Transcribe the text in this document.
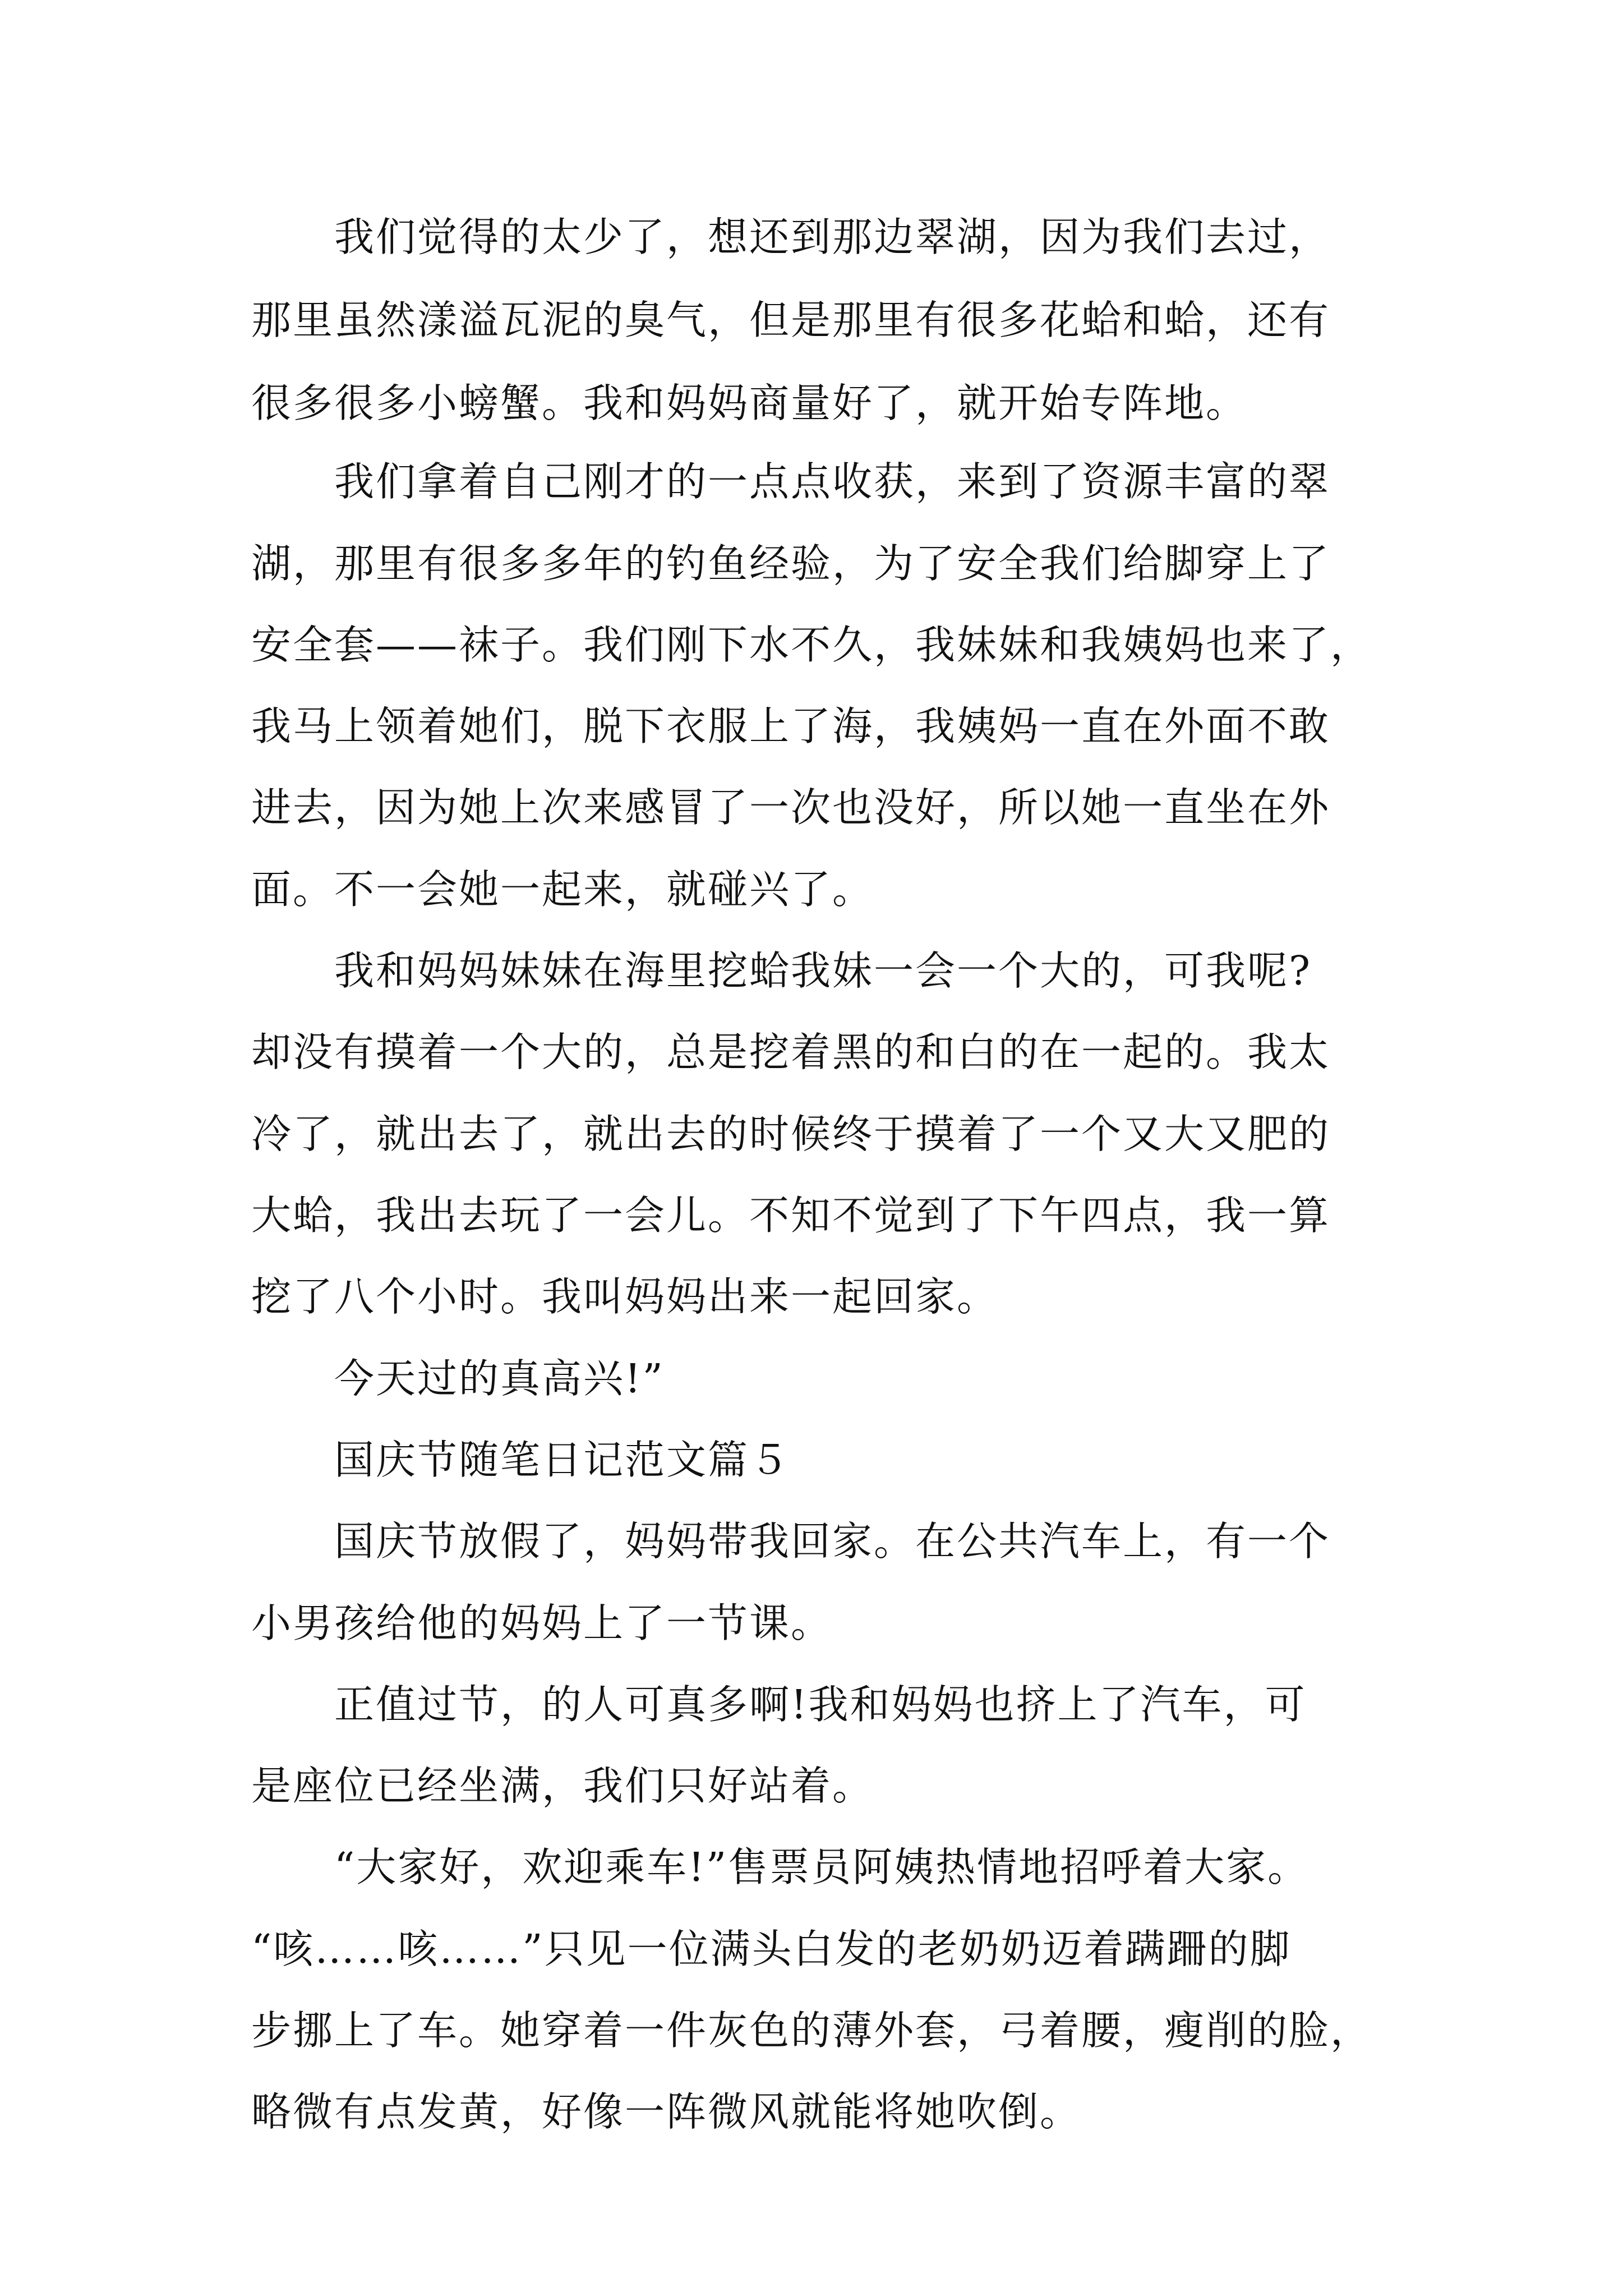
　　我们觉得的太少了，想还到那边翠湖，因为我们去过，

那里虽然漾溢瓦泥的臭气，但是那里有很多花蛤和蛤，还有

很多很多小螃蟹。我和妈妈商量好了，就开始专阵地。

　　我们拿着自己刚才的一点点收获，来到了资源丰富的翠

湖，那里有很多多年的钓鱼经验，为了安全我们给脚穿上了

安全套——袜子。我们刚下水不久，我妹妹和我姨妈也来了，

我马上领着她们，脱下衣服上了海，我姨妈一直在外面不敢

进去，因为她上次来感冒了一次也没好，所以她一直坐在外

面。不一会她一起来，就碰兴了。

　　我和妈妈妹妹在海里挖蛤我妹一会一个大的，可我呢?

却没有摸着一个大的，总是挖着黑的和白的在一起的。我太

冷了，就出去了，就出去的时候终于摸着了一个又大又肥的

大蛤，我出去玩了一会儿。不知不觉到了下午四点，我一算

挖了八个小时。我叫妈妈出来一起回家。

　　今天过的真高兴!”

　　国庆节随笔日记范文篇５

　　国庆节放假了，妈妈带我回家。在公共汽车上，有一个

小男孩给他的妈妈上了一节课。

　　正值过节，的人可真多啊!我和妈妈也挤上了汽车，可

是座位已经坐满，我们只好站着。

　　“大家好，欢迎乘车!”售票员阿姨热情地招呼着大家。

“咳……咳……”只见一位满头白发的老奶奶迈着蹒跚的脚

步挪上了车。她穿着一件灰色的薄外套，弓着腰，瘦削的脸，

略微有点发黄，好像一阵微风就能将她吹倒。
